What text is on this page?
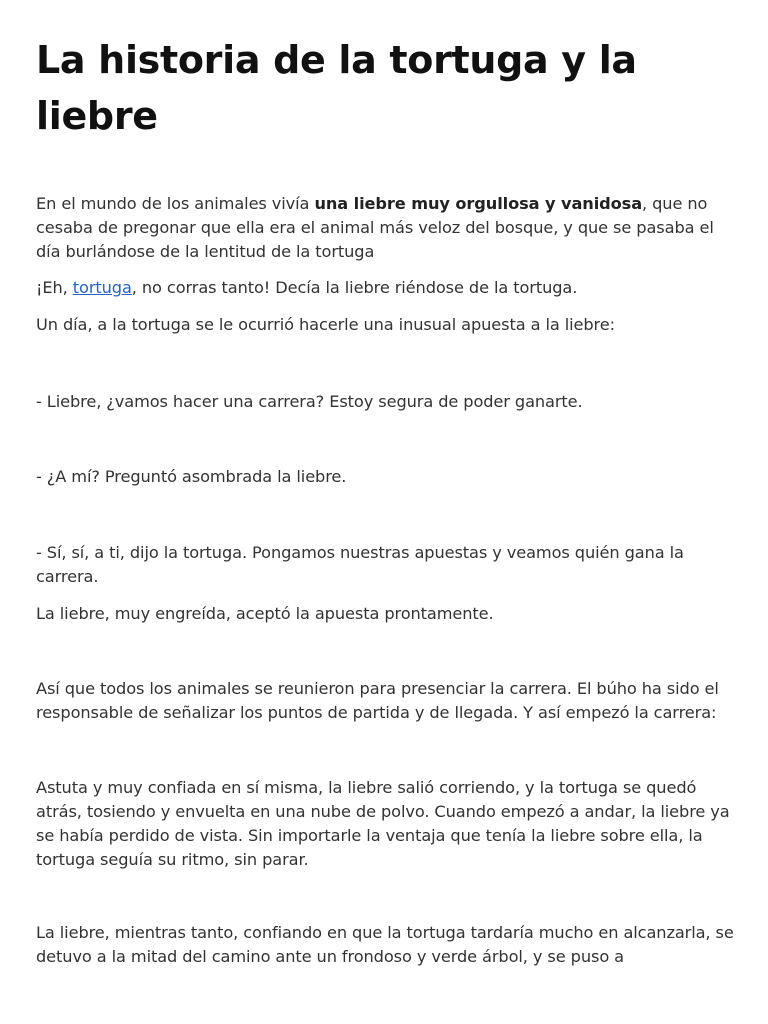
La historia de la tortuga y la liebre

En el mundo de los animales vivía una liebre muy orgullosa y vanidosa, que no cesaba de pregonar que ella era el animal más veloz del bosque, y que se pasaba el día burlándose de la lentitud de la tortuga

¡Eh, tortuga, no corras tanto! Decía la liebre riéndose de la tortuga.

Un día, a la tortuga se le ocurrió hacerle una inusual apuesta a la liebre:

- Liebre, ¿vamos hacer una carrera? Estoy segura de poder ganarte.

- ¿A mí? Preguntó asombrada la liebre.

- Sí, sí, a ti, dijo la tortuga. Pongamos nuestras apuestas y veamos quién gana la carrera.

La liebre, muy engreída, aceptó la apuesta prontamente.

Así que todos los animales se reunieron para presenciar la carrera. El búho ha sido el responsable de señalizar los puntos de partida y de llegada. Y así empezó la carrera:

Astuta y muy confiada en sí misma, la liebre salió corriendo, y la tortuga se quedó atrás, tosiendo y envuelta en una nube de polvo. Cuando empezó a andar, la liebre ya se había perdido de vista. Sin importarle la ventaja que tenía la liebre sobre ella, la tortuga seguía su ritmo, sin parar.

La liebre, mientras tanto, confiando en que la tortuga tardaría mucho en alcanzarla, se detuvo a la mitad del camino ante un frondoso y verde árbol, y se puso a
